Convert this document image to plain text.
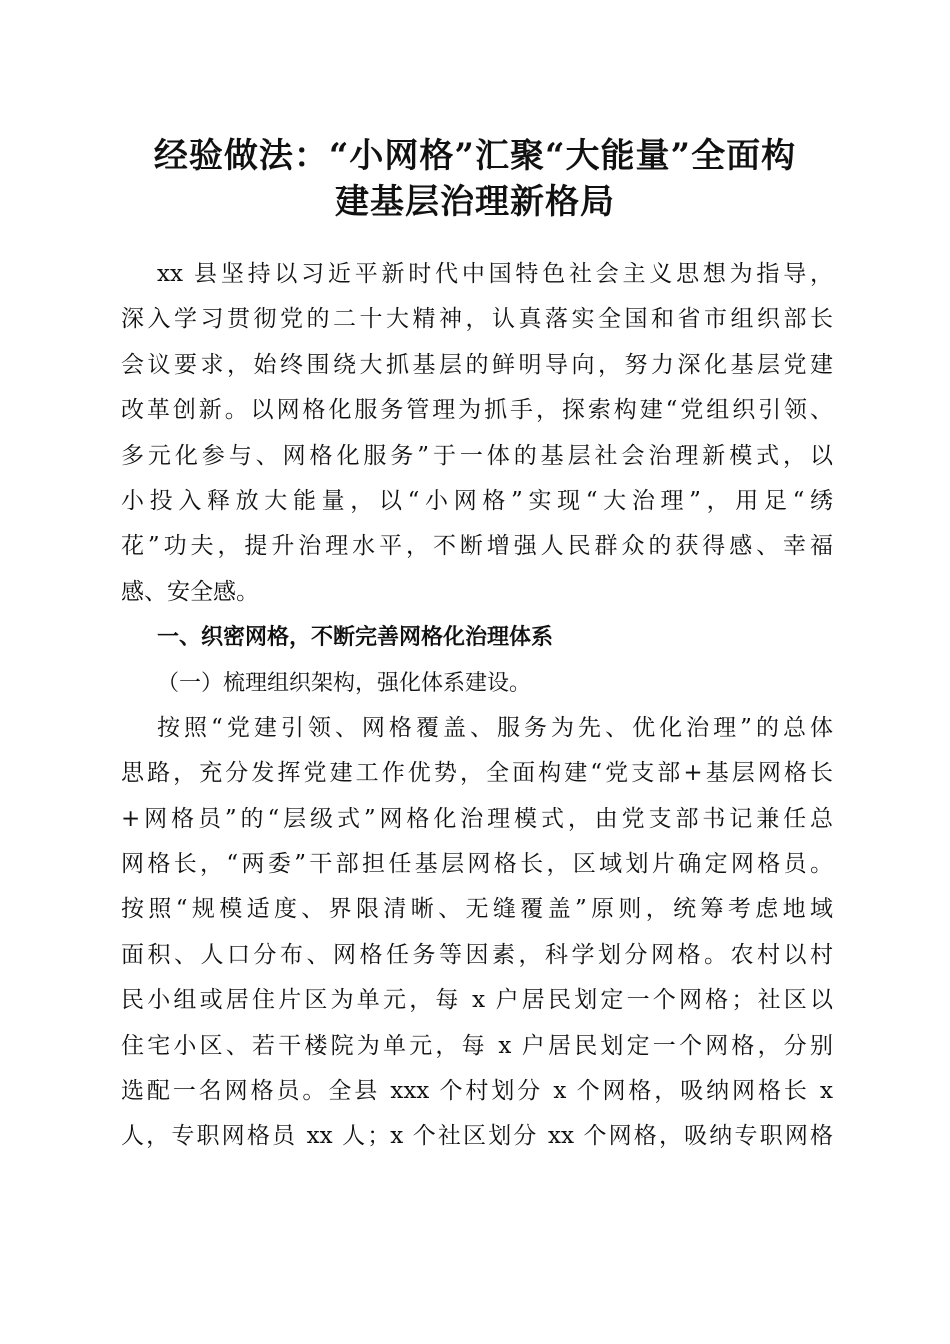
经验做法：“小网格”汇聚“大能量”全面构
建基层治理新格局
xx 县坚持以习近平新时代中国特色社会主义思想为指导，
深入学习贯彻党的二十大精神，认真落实全国和省市组织部长
会议要求，始终围绕大抓基层的鲜明导向，努力深化基层党建
改革创新。以网格化服务管理为抓手，探索构建“党组织引领、
多元化参与、网格化服务”于一体的基层社会治理新模式，以
小投入释放大能量，以“小网格”实现“大治理”，用足“绣
花”功夫，提升治理水平，不断增强人民群众的获得感、幸福
感、安全感。
一、织密网格，不断完善网格化治理体系
（一）梳理组织架构，强化体系建设。
按照“党建引领、网格覆盖、服务为先、优化治理”的总体
思路，充分发挥党建工作优势，全面构建“党支部+基层网格长
+网格员”的“层级式”网格化治理模式，由党支部书记兼任总
网格长，“两委”干部担任基层网格长，区域划片确定网格员。
按照“规模适度、界限清晰、无缝覆盖”原则，统筹考虑地域
面积、人口分布、网格任务等因素，科学划分网格。农村以村
民小组或居住片区为单元，每 x 户居民划定一个网格；社区以
住宅小区、若干楼院为单元，每 x 户居民划定一个网格，分别
选配一名网格员。全县 xxx 个村划分 x 个网格，吸纳网格长 x
人，专职网格员 xx 人；x 个社区划分 xx 个网格，吸纳专职网格
